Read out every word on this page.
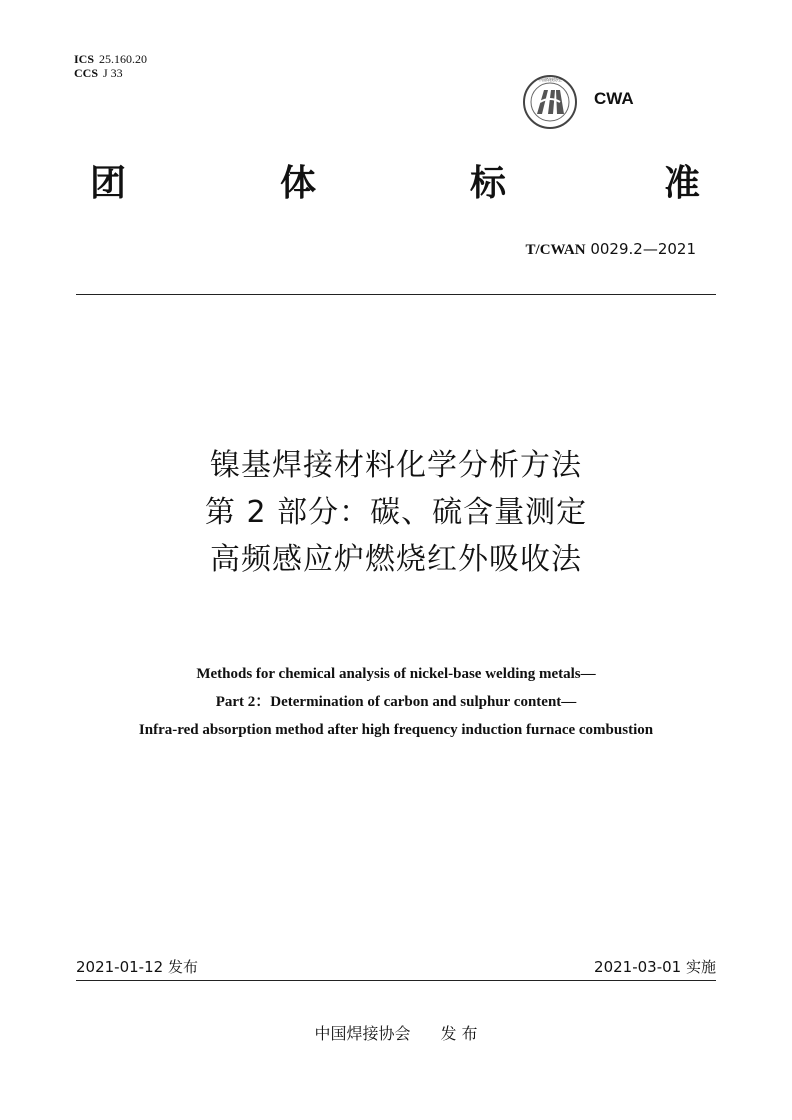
ICS 25.160.20
CCS J 33	中国焊接协会
CWA
团	体	标	准
T/CWAN 0029.2—2021
镍基焊接材料化学分析方法
第 2 部分：碳、硫含量测定
高频感应炉燃烧红外吸收法
Methods for chemical analysis of nickel-base welding metals—
Part 2：Determination of carbon and sulphur content—
Infra-red absorption method after high frequency induction furnace combustion
2021-01-12 发布	2021-03-01 实施
中国焊接协会 发 布
